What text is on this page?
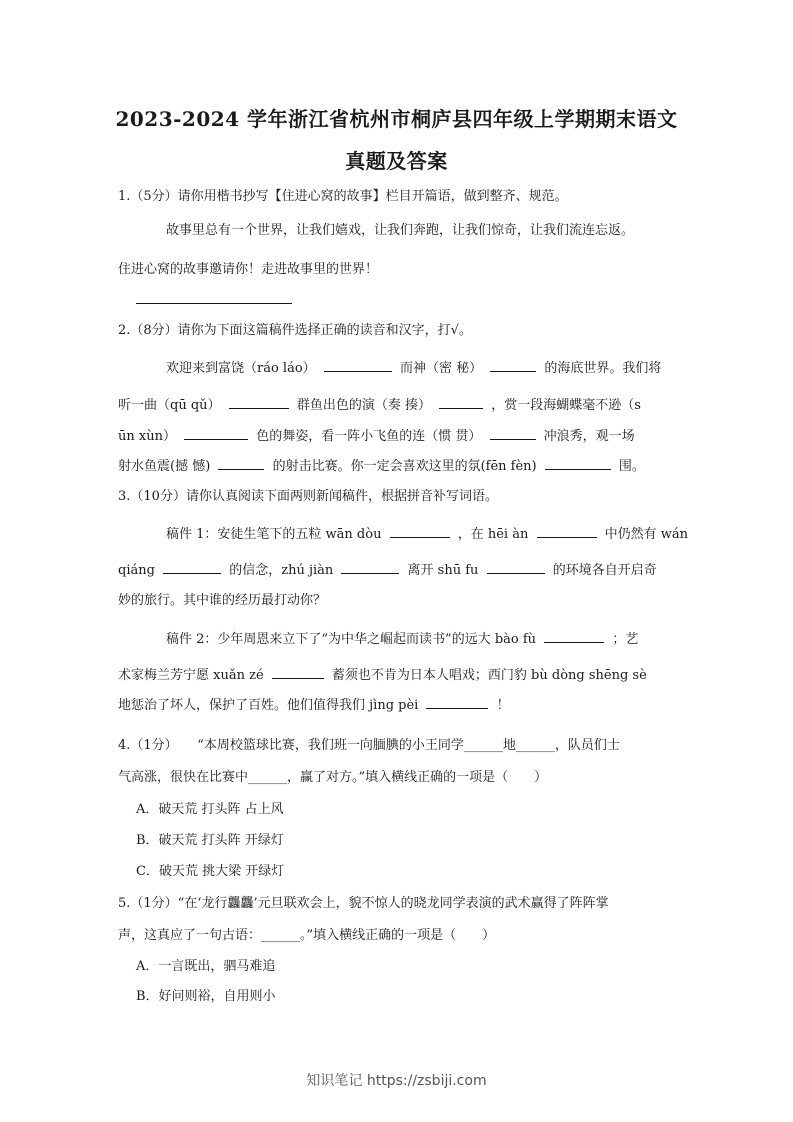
2023-2024 学年浙江省杭州市桐庐县四年级上学期期末语文
真题及答案
1.（5分）请你用楷书抄写【住进心窝的故事】栏目开篇语，做到整齐、规范。
故事里总有一个世界，让我们嬉戏，让我们奔跑，让我们惊奇，让我们流连忘返。
住进心窝的故事邀请你！走进故事里的世界！
2.（8分）请你为下面这篇稿件选择正确的读音和汉字，打√。
欢迎来到富饶（ráo láo）	而神（密 秘）	的海底世界。我们将
听一曲（qū qǔ）	群鱼出色的演（奏 揍）	，赏一段海蝴蝶毫不逊（s
ūn xùn）	色的舞姿，看一阵小飞鱼的连（惯 贯）	冲浪秀，观一场
射水鱼震(撼 憾)	的射击比赛。你一定会喜欢这里的氛(fēn fèn)	围。
3.（10分）请你认真阅读下面两则新闻稿件，根据拼音补写词语。
稿件 1：安徒生笔下的五粒 wān dòu	，在 hēi àn	中仍然有 wán
qiáng	的信念，zhú jiàn	离开 shū fu	的环境各自开启奇
妙的旅行。其中谁的经历最打动你？
稿件 2：少年周恩来立下了“为中华之崛起而读书”的远大 bào fù	；艺
术家梅兰芳宁愿 xuǎn zé	蓄须也不肯为日本人唱戏；西门豹 bù dòng shēng sè
地惩治了坏人，保护了百姓。他们值得我们 jìng pèi	！
4.（1分）　　“本周校篮球比赛，我们班一向腼腆的小王同学______地______，队员们士
气高涨，很快在比赛中______，赢了对方。”填入横线正确的一项是（　　）
A．破天荒 打头阵 占上风
B．破天荒 打头阵 开绿灯
C．破天荒 挑大梁 开绿灯
5.（1分）“在‘龙行龘龘’元旦联欢会上，貌不惊人的晓龙同学表演的武术赢得了阵阵掌
声，这真应了一句古语：______。”填入横线正确的一项是（　　）
A．一言既出，驷马难追
B．好问则裕，自用则小
知识笔记 https://zsbiji.com
